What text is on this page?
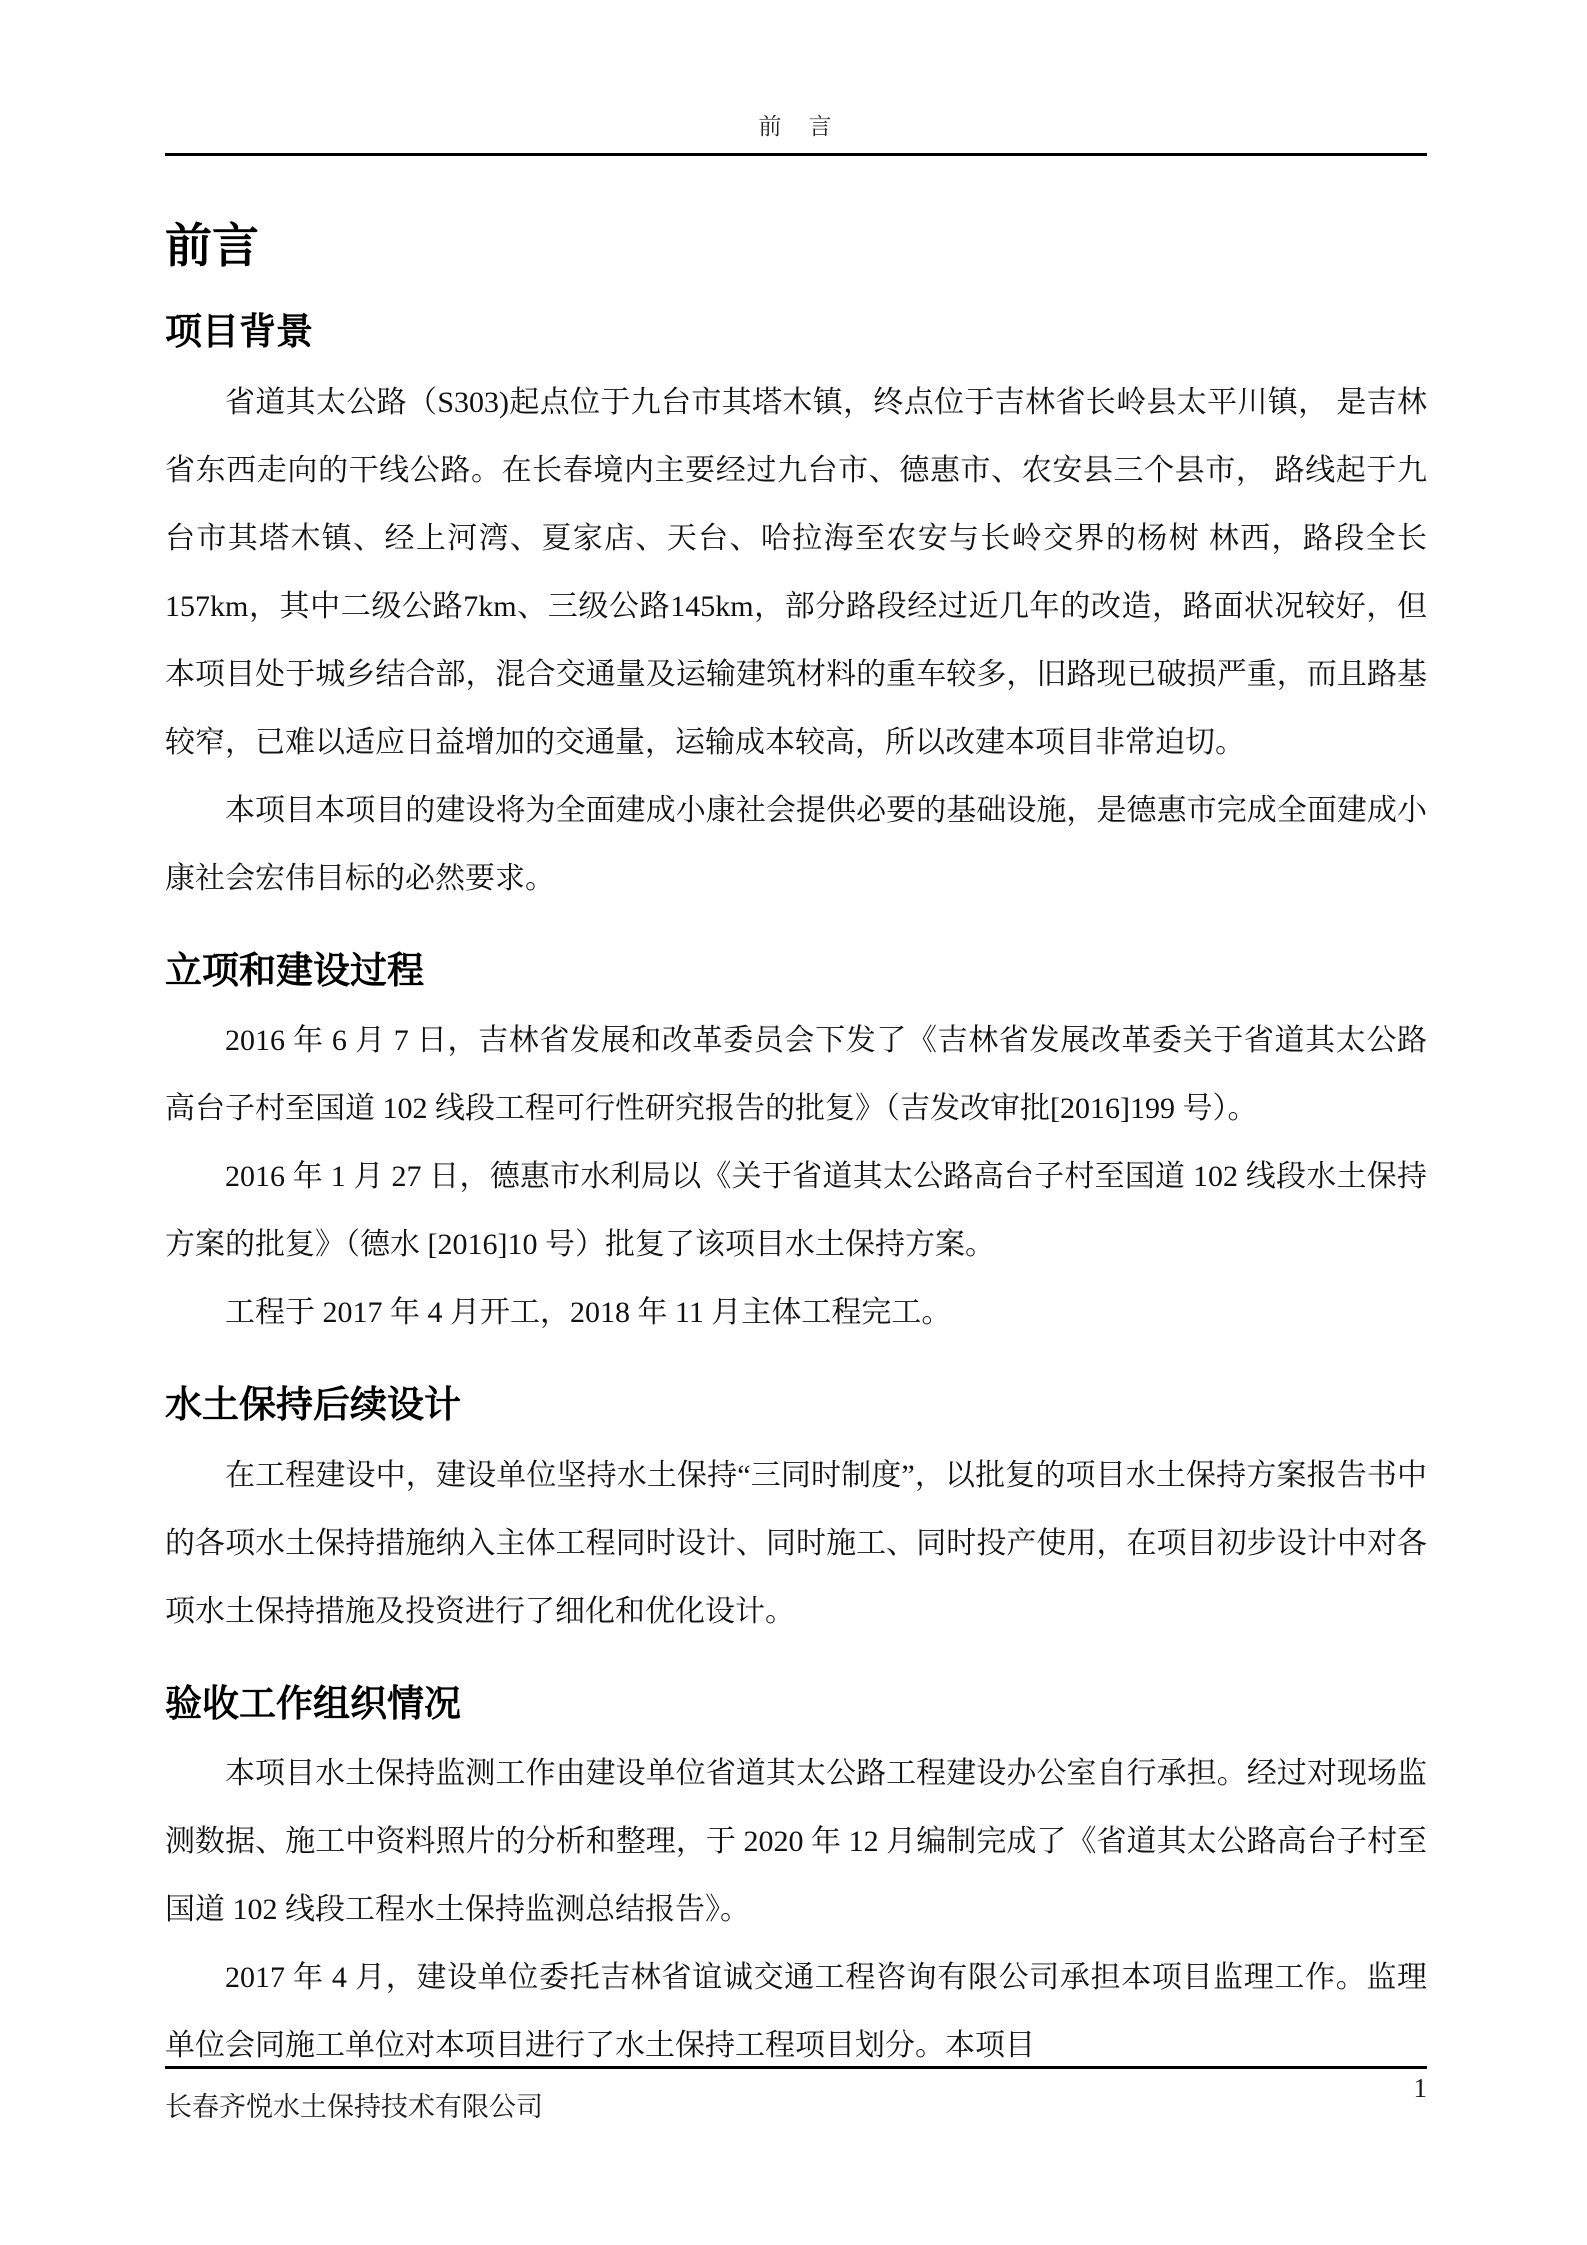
前　言
前言
项目背景

省道其太公路（S303)起点位于九台市其塔木镇，终点位于吉林省长岭县太平川镇， 是吉林省东西走向的干线公路。在长春境内主要经过九台市、德惠市、农安县三个县市， 路线起于九台市其塔木镇、经上河湾、夏家店、天台、哈拉海至农安与长岭交界的杨树 林西，路段全长157km，其中二级公路7km、三级公路145km，部分路段经过近几年的改造，路面状况较好，但本项目处于城乡结合部，混合交通量及运输建筑材料的重车较多，旧路现已破损严重，而且路基较窄，已难以适应日益增加的交通量，运输成本较高，所以改建本项目非常迫切。

本项目本项目的建设将为全面建成小康社会提供必要的基础设施，是德惠市完成全面建成小康社会宏伟目标的必然要求。

立项和建设过程

2016 年 6 月 7 日，吉林省发展和改革委员会下发了《吉林省发展改革委关于省道其太公路高台子村至国道 102 线段工程可行性研究报告的批复》（吉发改审批[2016]199 号）。

2016 年 1 月 27 日，德惠市水利局以《关于省道其太公路高台子村至国道 102 线段水土保持方案的批复》（德水 [2016]10 号）批复了该项目水土保持方案。

工程于 2017 年 4 月开工，2018 年 11 月主体工程完工。

水土保持后续设计

在工程建设中，建设单位坚持水土保持“三同时制度”，以批复的项目水土保持方案报告书中的各项水土保持措施纳入主体工程同时设计、同时施工、同时投产使用，在项目初步设计中对各项水土保持措施及投资进行了细化和优化设计。

验收工作组织情况

本项目水土保持监测工作由建设单位省道其太公路工程建设办公室自行承担。经过对现场监测数据、施工中资料照片的分析和整理，于 2020 年 12 月编制完成了《省道其太公路高台子村至国道 102 线段工程水土保持监测总结报告》。

2017 年 4 月，建设单位委托吉林省谊诚交通工程咨询有限公司承担本项目监理工作。监理单位会同施工单位对本项目进行了水土保持工程项目划分。本项目

长春齐悦水土保持技术有限公司
1
